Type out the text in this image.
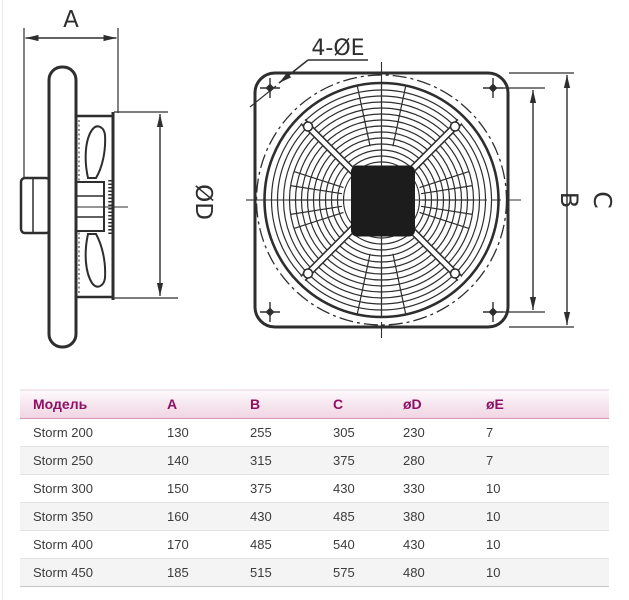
A
ØD
4-ØE
B C
Модель	A	B	C	øD	øE
Storm 200	130	255	305	230	7
Storm 250	140	315	375	280	7
Storm 300	150	375	430	330	10
Storm 350	160	430	485	380	10
Storm 400	170	485	540	430	10
Storm 450	185	515	575	480	10
